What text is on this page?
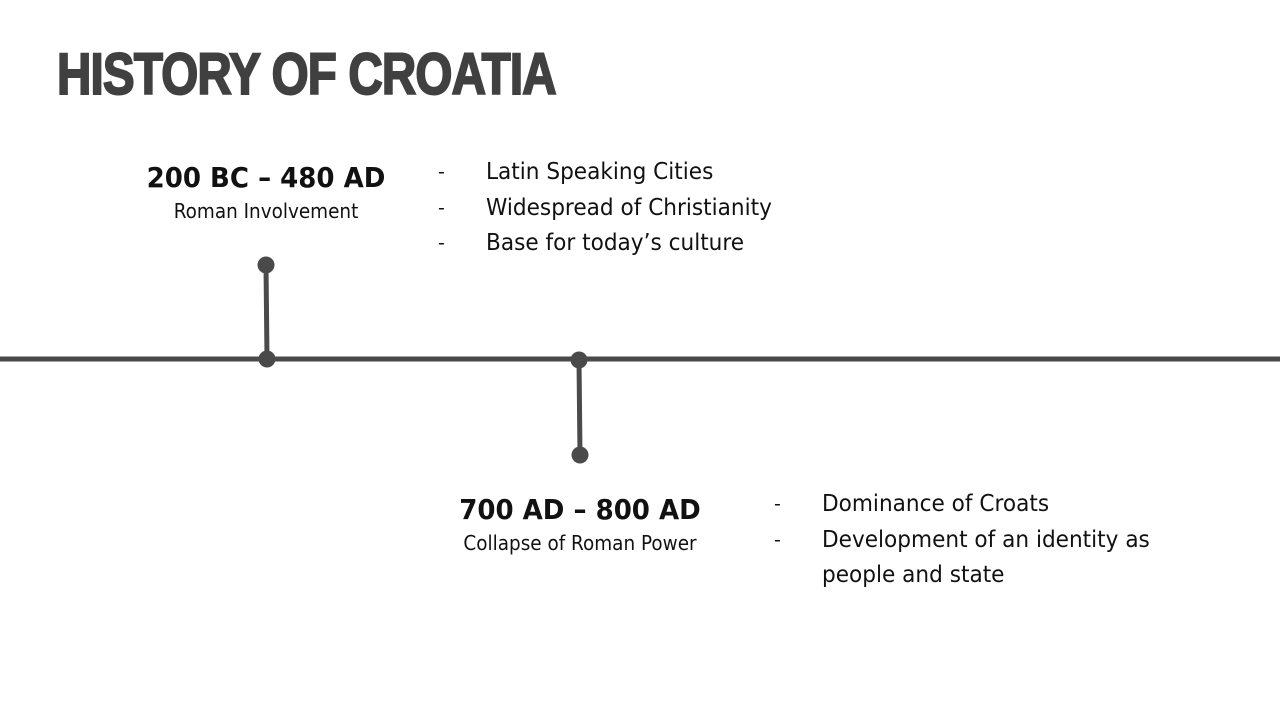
HISTORY OF CROATIA
200 BC – 480 AD
Roman Involvement
- Latin Speaking Cities
- Widespread of Christianity
- Base for today’s culture
700 AD – 800 AD
Collapse of Roman Power
- Dominance of Croats
- Development of an identity as
people and state
